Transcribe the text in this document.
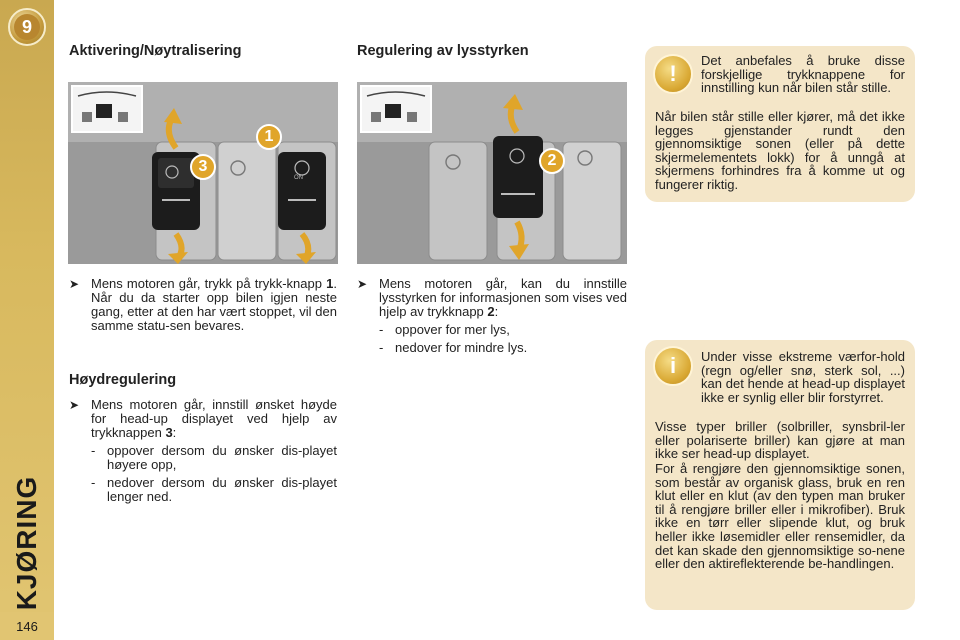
9
KJØRING
146
Aktivering/Nøytralisering
1
3
ON
➤ Mens motoren går, trykk på trykk-knapp 1. Når du da starter opp bilen igjen neste gang, etter at den har vært stoppet, vil den samme statu-sen bevares.
Høydregulering
➤ Mens motoren går, innstill ønsket høyde for head-up displayet ved hjelp av trykknappen 3:
- oppover dersom du ønsker dis-playet høyere opp,
- nedover dersom du ønsker dis-playet lenger ned.
Regulering av lysstyrken
2
➤ Mens motoren går, kan du innstille lysstyrken for informasjonen som vises ved hjelp av trykknapp 2:
- oppover for mer lys,
- nedover for mindre lys.
!

Det anbefales å bruke disse forskjellige trykknappene for innstilling kun når bilen står stille.

Når bilen står stille eller kjører, må det ikke legges gjenstander rundt den gjennomsiktige sonen (eller på dette skjermelementets lokk) for å unngå at skjermens forhindres fra å komme ut og fungerer riktig.

i Under visse ekstreme værfor-hold (regn og/eller snø, sterk sol, ...) kan det hende at head-up displayet ikke er synlig eller blir forstyrret.

Visse typer briller (solbriller, synsbril-ler eller polariserte briller) kan gjøre at man ikke ser head-up displayet.

For å rengjøre den gjennomsiktige sonen, som består av organisk glass, bruk en ren klut eller en klut (av den typen man bruker til å rengjøre briller eller i mikrofiber). Bruk ikke en tørr eller slipende klut, og bruk heller ikke løsemidler eller rensemidler, da det kan skade den gjennomsiktige so-nene eller den aktireflekterende be-handlingen.
